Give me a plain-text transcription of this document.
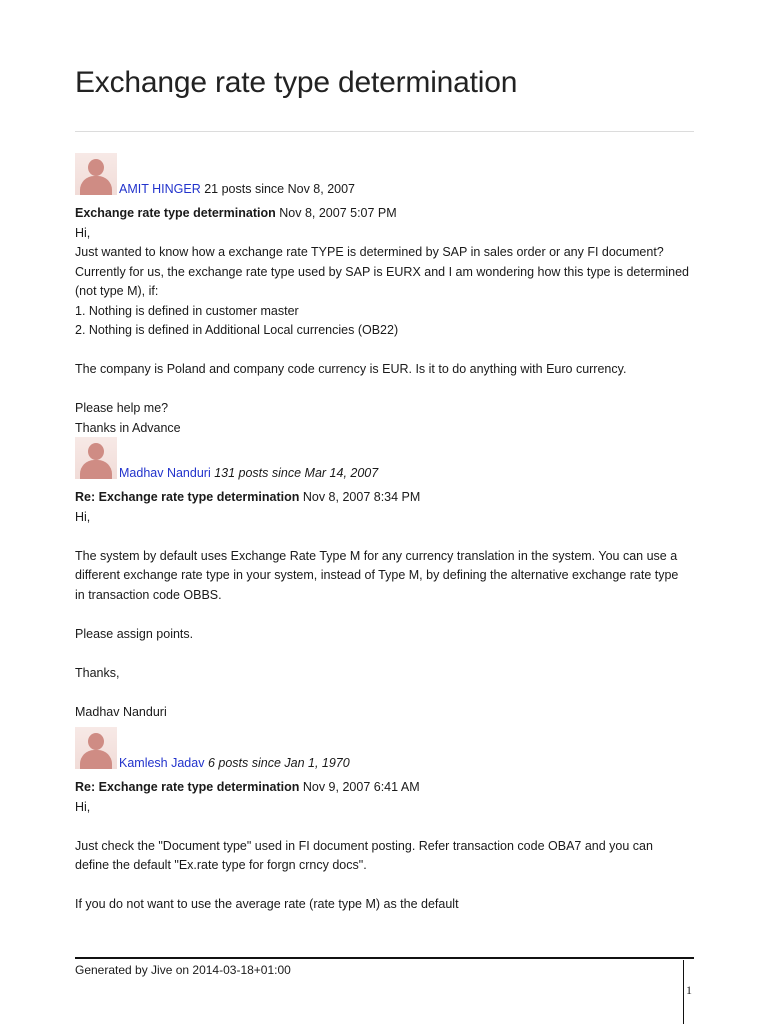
Exchange rate type determination
AMIT HINGER 21 posts since Nov 8, 2007
Exchange rate type determination Nov 8, 2007 5:07 PM

Hi,

Just wanted to know how a exchange rate TYPE is determined by SAP in sales order or any FI document?

Currently for us, the exchange rate type used by SAP is EURX and I am wondering how this type is determined

(not type M), if:

1. Nothing is defined in customer master

2. Nothing is defined in Additional Local currencies (OB22)

The company is Poland and company code currency is EUR. Is it to do anything with Euro currency.

Please help me?

Thanks in Advance

Madhav Nanduri 131 posts since Mar 14, 2007
Re: Exchange rate type determination Nov 8, 2007 8:34 PM

Hi,

The system by default uses Exchange Rate Type M for any currency translation in the system. You can use a

different exchange rate type in your system, instead of Type M, by defining the alternative exchange rate type

in transaction code OBBS.

Please assign points.

Thanks,

Madhav Nanduri

Kamlesh Jadav 6 posts since Jan 1, 1970
Re: Exchange rate type determination Nov 9, 2007 6:41 AM

Hi,

Just check the "Document type" used in FI document posting. Refer transaction code OBA7 and you can

define the default "Ex.rate type for forgn crncy docs".

If you do not want to use the average rate (rate type M) as the default

Generated by Jive on 2014-03-18+01:00
1
